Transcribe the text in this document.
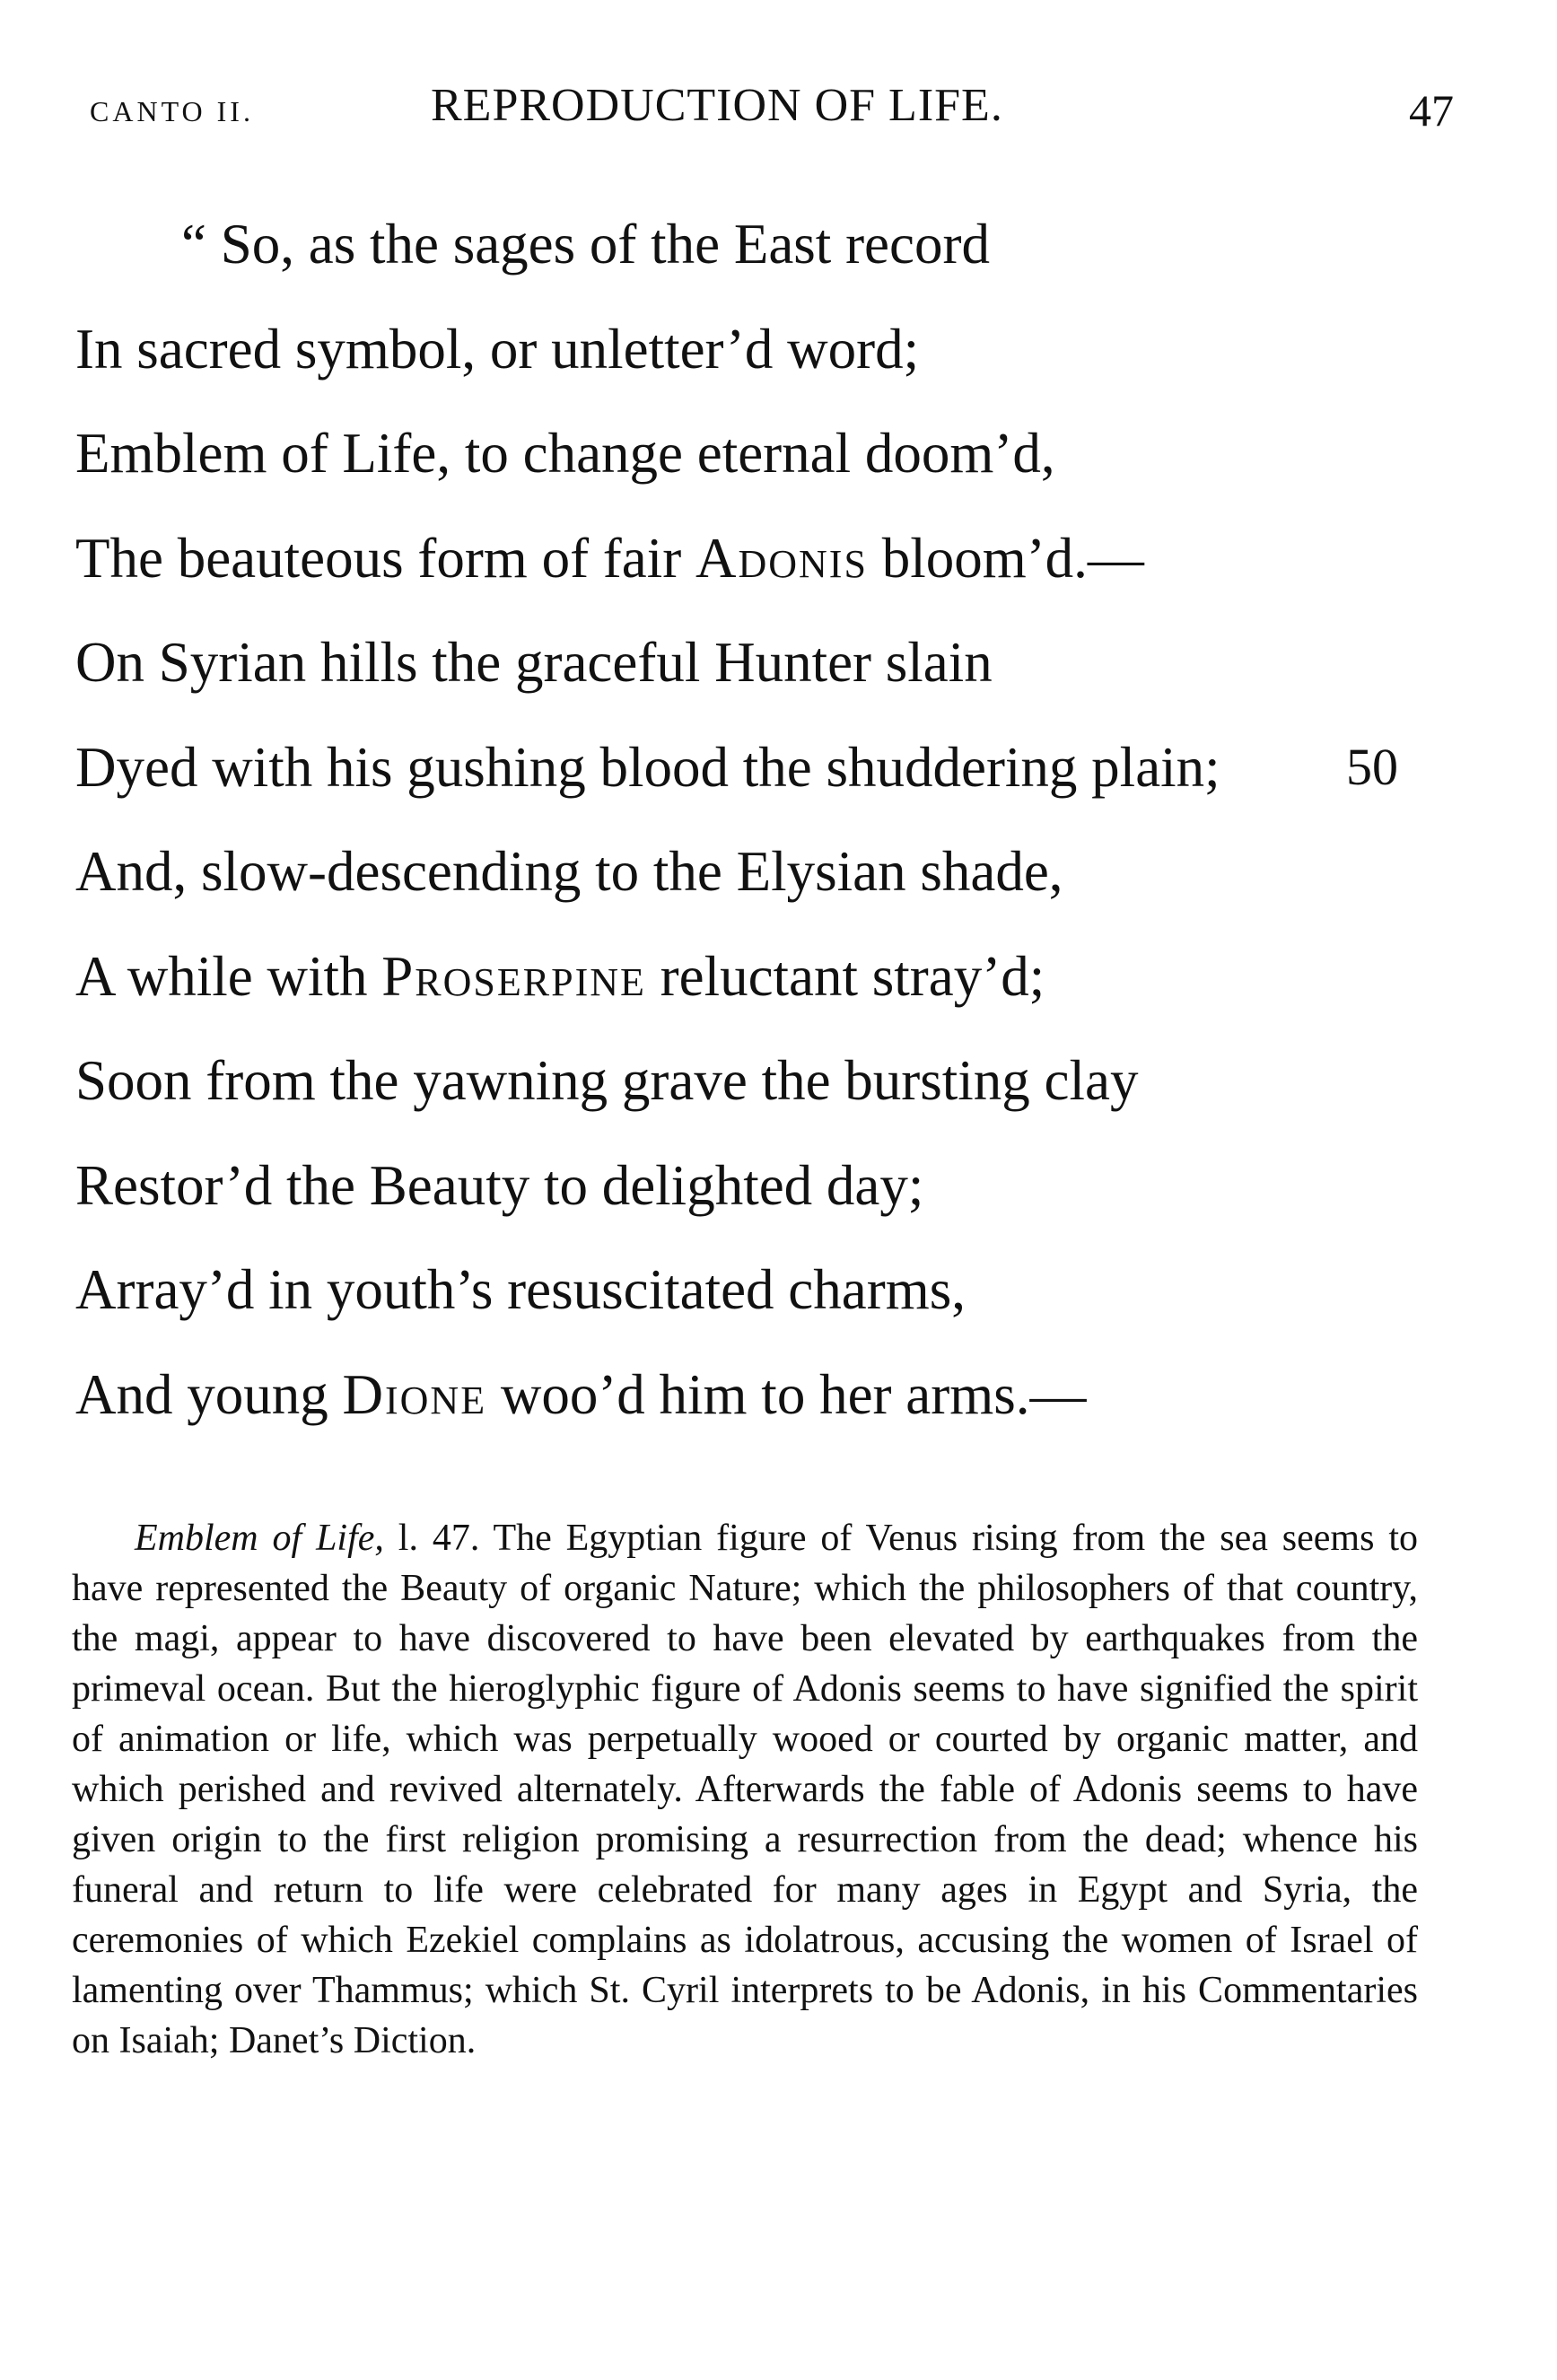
CANTO II.	REPRODUCTION OF LIFE.	47
“ So, as the sages of the East record
In sacred symbol, or unletter’d word;
Emblem of Life, to change eternal doom’d,
The beauteous form of fair Adonis bloom’d.—
On Syrian hills the graceful Hunter slain
Dyed with his gushing blood the shuddering plain; 50
And, slow-descending to the Elysian shade,
A while with Proserpine reluctant stray’d;
Soon from the yawning grave the bursting clay
Restor’d the Beauty to delighted day;
Array’d in youth’s resuscitated charms,
And young Dione woo’d him to her arms.—
Emblem of Life, l. 47. The Egyptian figure of Venus rising from the sea seems to have represented the Beauty of organic Nature; which the philosophers of that country, the magi, appear to have discovered to have been elevated by earthquakes from the primeval ocean. But the hieroglyphic figure of Adonis seems to have signified the spirit of animation or life, which was perpetually wooed or courted by organic matter, and which perished and revived alternately. Afterwards the fable of Adonis seems to have given origin to the first religion promising a resurrection from the dead; whence his funeral and return to life were celebrated for many ages in Egypt and Syria, the ceremonies of which Ezekiel complains as idolatrous, accusing the women of Israel of lamenting over Thammus; which St. Cyril interprets to be Adonis, in his Commentaries on Isaiah; Danet’s Diction.
